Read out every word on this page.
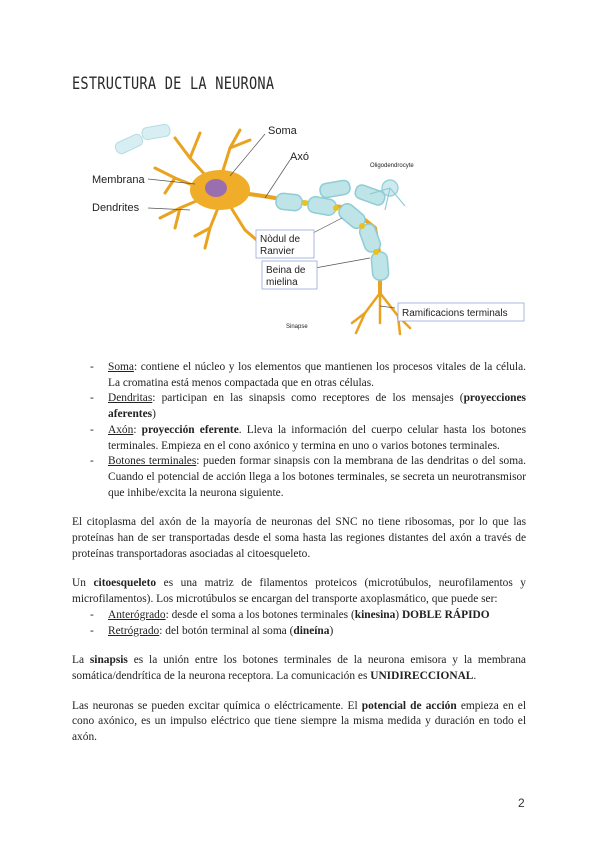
ESTRUCTURA DE LA NEURONA
Soma
Axó
Membrana
Dendrites
Oligodendrocyte
Nòdul de
Ranvier
Beina de
mielina
Ramificacions terminals
Sinapse
- Soma: contiene el núcleo y los elementos que mantienen los procesos vitales de la célula. La cromatina está menos compactada que en otras células.
- Dendritas: participan en las sinapsis como receptores de los mensajes (proyecciones aferentes)
- Axón: proyección eferente. Lleva la información del cuerpo celular hasta los botones terminales. Empieza en el cono axónico y termina en uno o varios botones terminales.
- Botones terminales: pueden formar sinapsis con la membrana de las dendritas o del soma. Cuando el potencial de acción llega a los botones terminales, se secreta un neurotransmisor que inhibe/excita la neurona siguiente.

El citoplasma del axón de la mayoría de neuronas del SNC no tiene ribosomas, por lo que las proteínas han de ser transportadas desde el soma hasta las regiones distantes del axón a través de proteínas transportadoras asociadas al citoesqueleto.

Un citoesqueleto es una matriz de filamentos proteicos (microtúbulos, neurofilamentos y microfilamentos). Los microtúbulos se encargan del transporte axoplasmático, que puede ser:

- Anterógrado: desde el soma a los botones terminales (kinesina) DOBLE RÁPIDO
- Retrógrado: del botón terminal al soma (dineína)

La sinapsis es la unión entre los botones terminales de la neurona emisora y la membrana somática/dendrítica de la neurona receptora. La comunicación es UNIDIRECCIONAL.

Las neuronas se pueden excitar química o eléctricamente. El potencial de acción empieza en el cono axónico, es un impulso eléctrico que tiene siempre la misma medida y duración en todo el axón.

2
